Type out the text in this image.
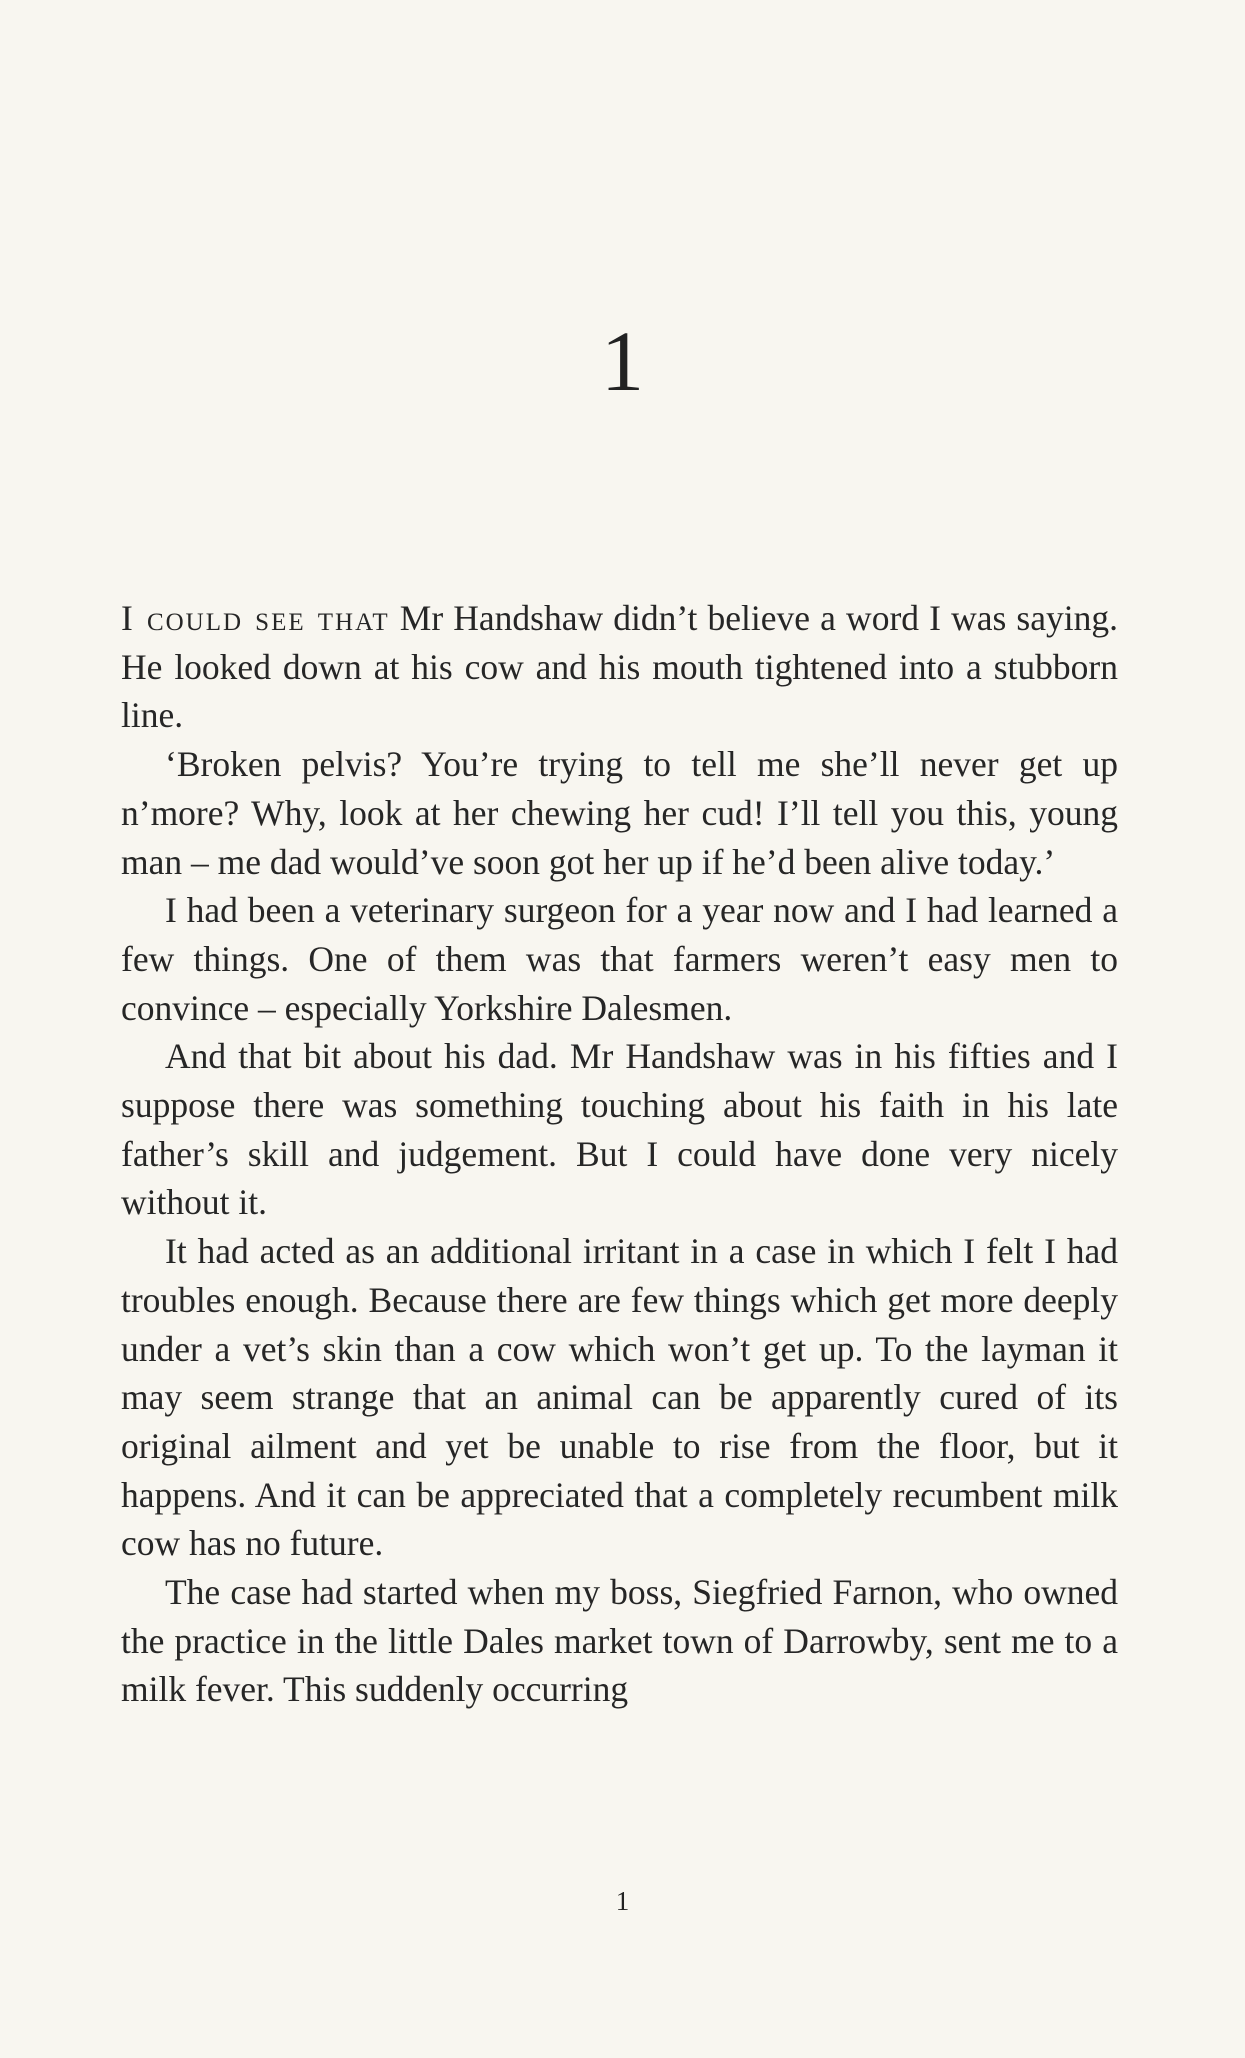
1

I could see that Mr Handshaw didn’t believe a word I was saying. He looked down at his cow and his mouth tightened into a stubborn line.

‘Broken pelvis? You’re trying to tell me she’ll never get up n’more? Why, look at her chewing her cud! I’ll tell you this, young man – me dad would’ve soon got her up if he’d been alive today.’

I had been a veterinary surgeon for a year now and I had learned a few things. One of them was that farmers weren’t easy men to convince – especially Yorkshire Dalesmen.

And that bit about his dad. Mr Handshaw was in his fifties and I suppose there was something touching about his faith in his late father’s skill and judgement. But I could have done very nicely without it.

It had acted as an additional irritant in a case in which I felt I had troubles enough. Because there are few things which get more deeply under a vet’s skin than a cow which won’t get up. To the layman it may seem strange that an animal can be apparently cured of its original ailment and yet be unable to rise from the floor, but it happens. And it can be appreciated that a completely recumbent milk cow has no future.

The case had started when my boss, Siegfried Farnon, who owned the practice in the little Dales market town of Darrowby, sent me to a milk fever. This suddenly occurring

1
